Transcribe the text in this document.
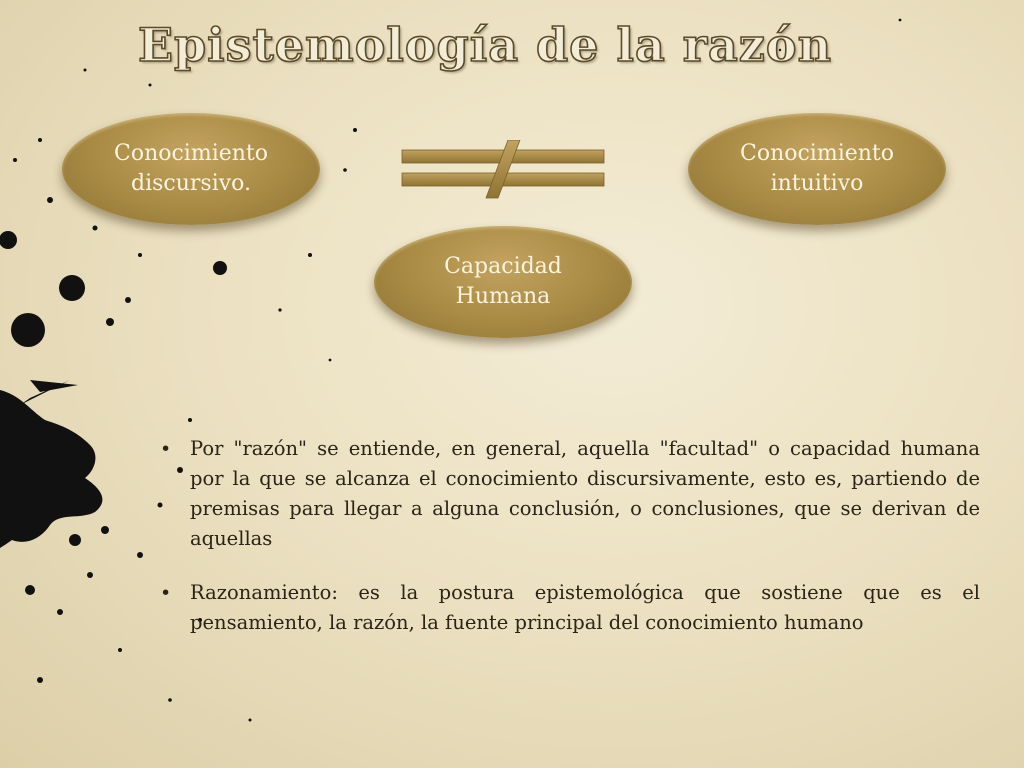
Epistemología de la razón
Conocimiento
discursivo.
Conocimiento
intuitivo
Capacidad
Humana
• Por "razón" se entiende, en general, aquella "facultad" o capacidad humana por la que se alcanza el conocimiento discursivamente, esto es, partiendo de premisas para llegar a alguna conclusión, o conclusiones, que se derivan de aquellas
• Razonamiento: es la postura epistemológica que sostiene que es el pensamiento, la razón, la fuente principal del conocimiento humano
